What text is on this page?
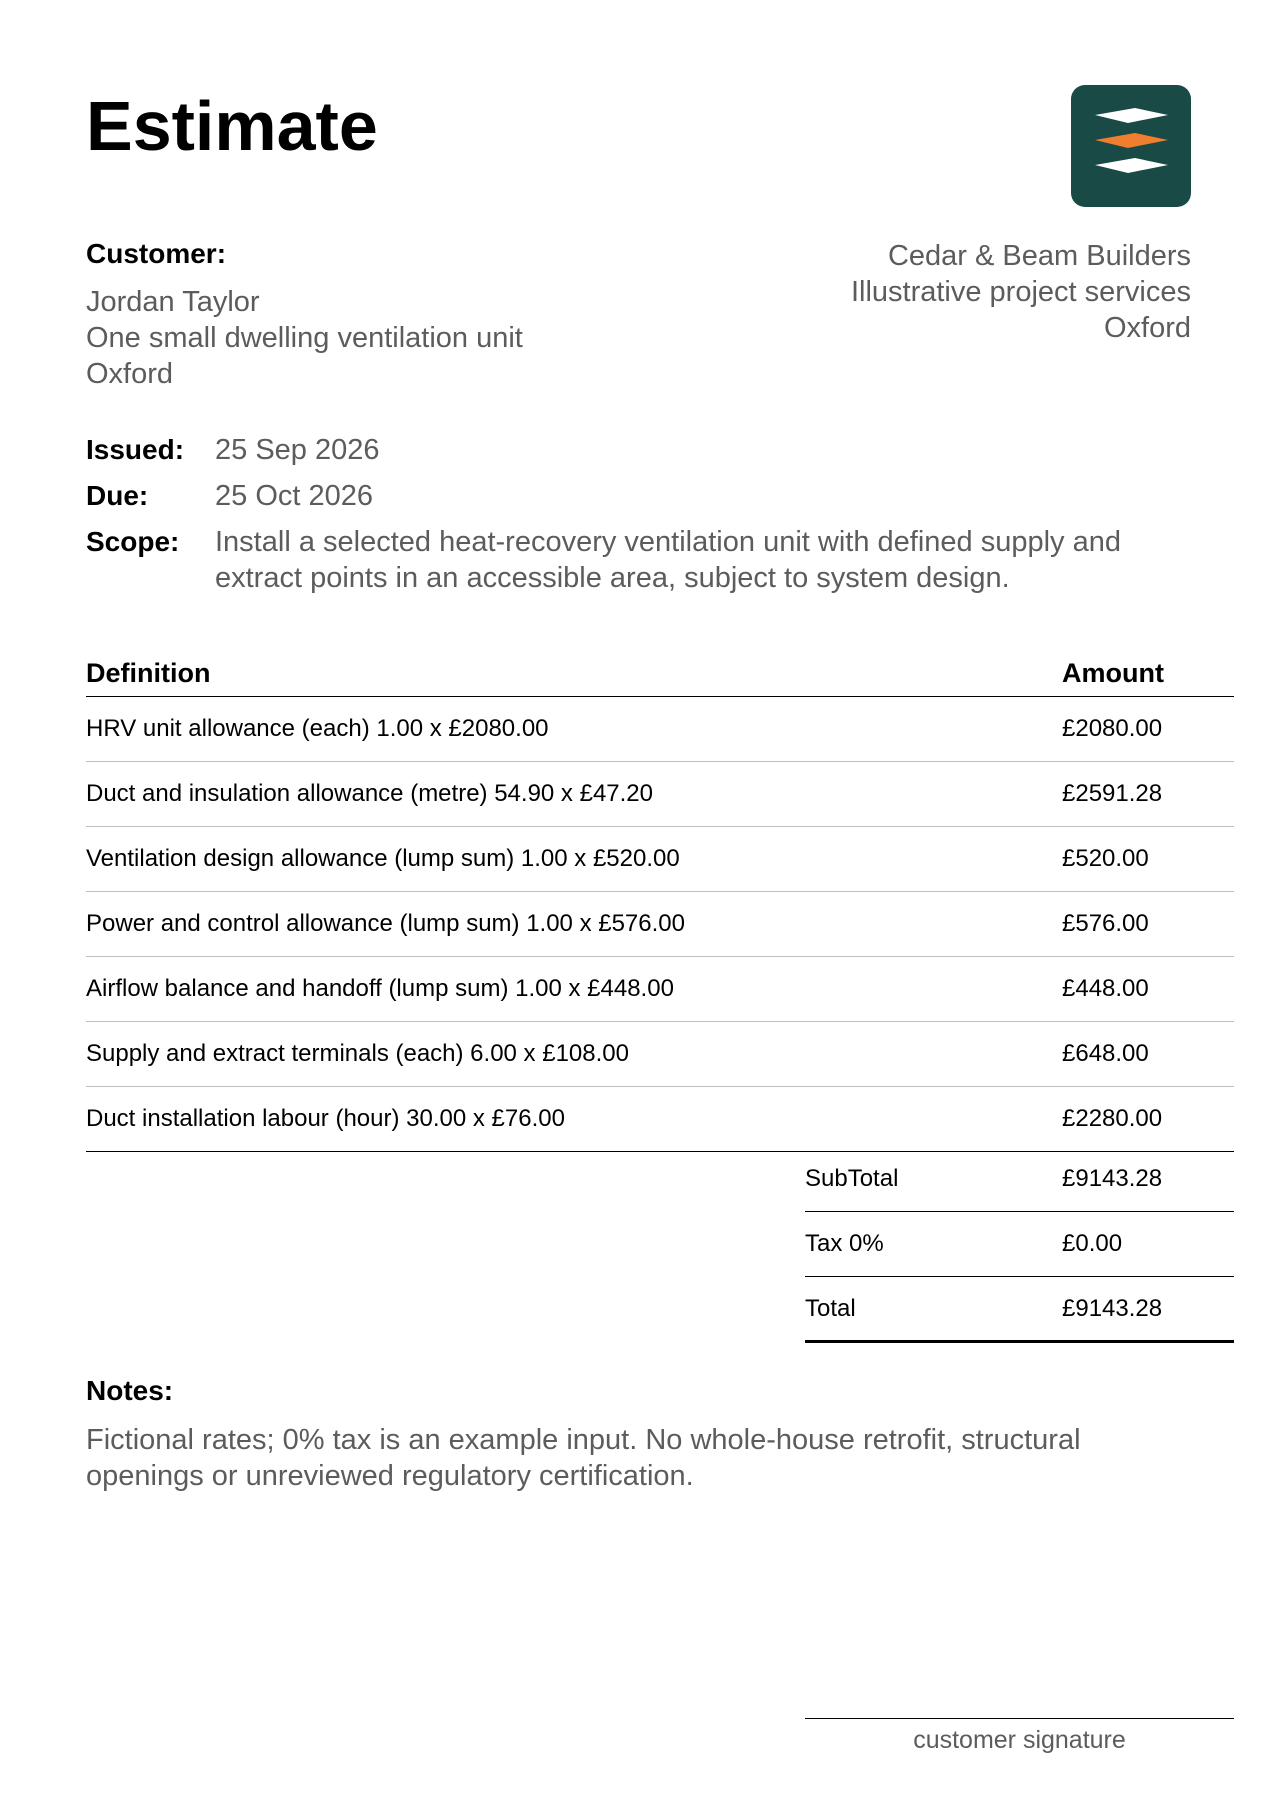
Estimate
Customer:
Jordan Taylor
One small dwelling ventilation unit
Oxford
Cedar & Beam Builders
Illustrative project services
Oxford
Issued:	25 Sep 2026
Due:	25 Oct 2026
Scope:	Install a selected heat-recovery ventilation unit with defined supply and extract points in an accessible area, subject to system design.
Definition	Amount
HRV unit allowance (each) 1.00 x £2080.00	£2080.00
Duct and insulation allowance (metre) 54.90 x £47.20	£2591.28
Ventilation design allowance (lump sum) 1.00 x £520.00	£520.00
Power and control allowance (lump sum) 1.00 x £576.00	£576.00
Airflow balance and handoff (lump sum) 1.00 x £448.00	£448.00
Supply and extract terminals (each) 6.00 x £108.00	£648.00
Duct installation labour (hour) 30.00 x £76.00	£2280.00
SubTotal	£9143.28
Tax 0%	£0.00
Total	£9143.28
Notes:
Fictional rates; 0% tax is an example input. No whole-house retrofit, structural openings or unreviewed regulatory certification.
customer signature
